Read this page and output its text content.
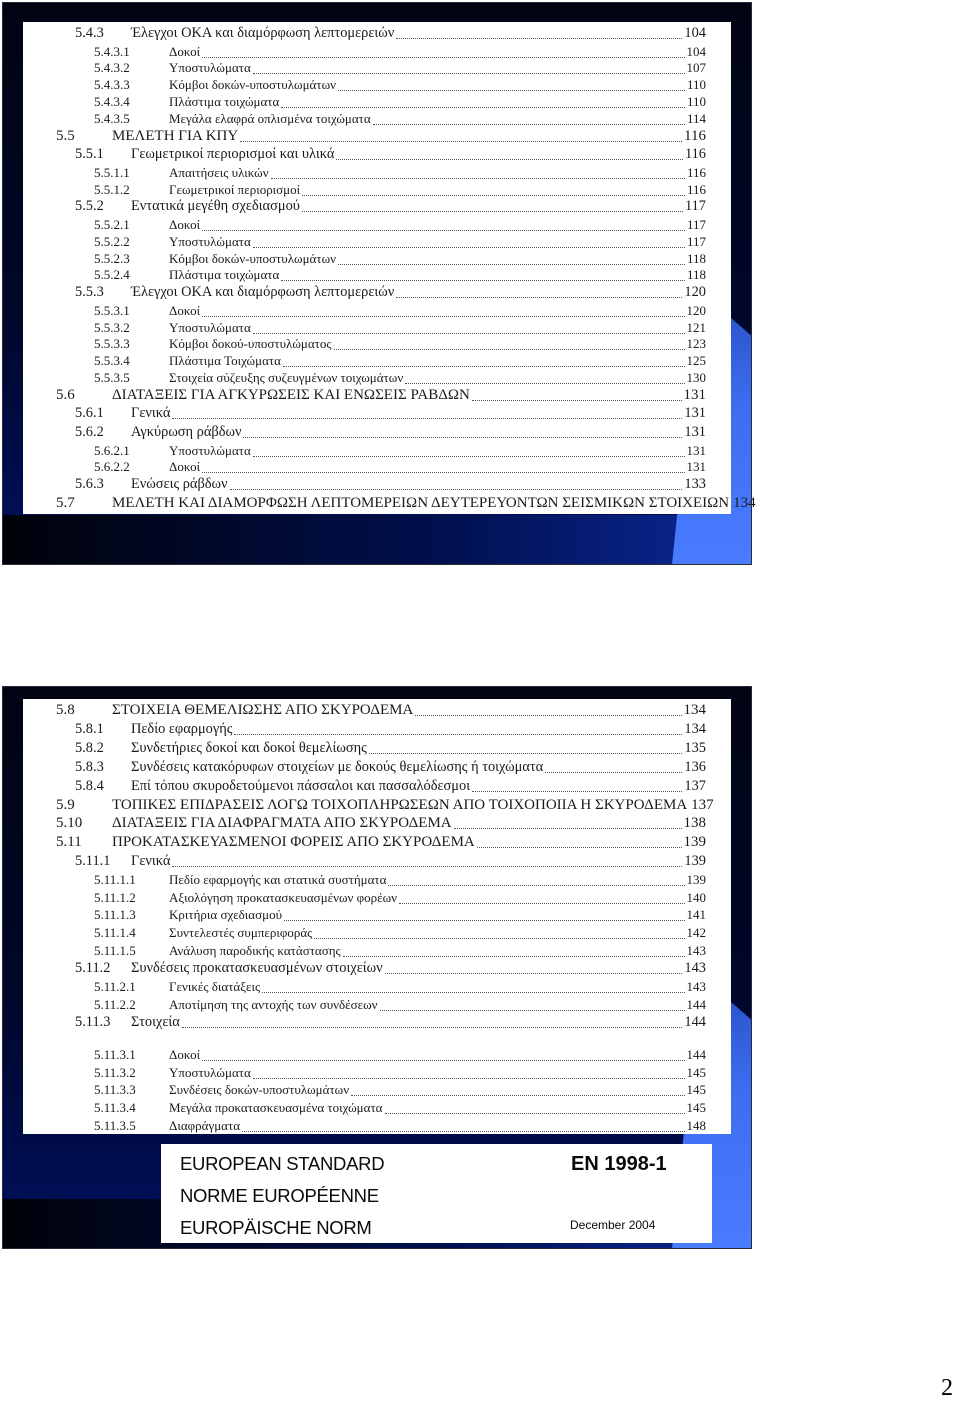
5.4.3	Έλεγχοι ΟΚΑ και διαμόρφωση λεπτομερειών	104
5.4.3.1	Δοκοί	104
5.4.3.2	Υποστυλώματα	107
5.4.3.3	Κόμβοι δοκών-υποστυλωμάτων	110
5.4.3.4	Πλάστιμα τοιχώματα	110
5.4.3.5	Μεγάλα ελαφρά οπλισμένα τοιχώματα	114
5.5	ΜΕΛΕΤΗ ΓΙΑ ΚΠΥ	116
5.5.1	Γεωμετρικοί περιορισμοί και υλικά	116
5.5.1.1	Απαιτήσεις υλικών	116
5.5.1.2	Γεωμετρικοί περιορισμοί	116
5.5.2	Εντατικά μεγέθη σχεδιασμού	117
5.5.2.1	Δοκοί	117
5.5.2.2	Υποστυλώματα	117
5.5.2.3	Κόμβοι δοκών-υποστυλωμάτων	118
5.5.2.4	Πλάστιμα τοιχώματα	118
5.5.3	Έλεγχοι ΟΚΑ και διαμόρφωση λεπτομερειών	120
5.5.3.1	Δοκοί	120
5.5.3.2	Υποστυλώματα	121
5.5.3.3	Κόμβοι δοκού-υποστυλώματος	123
5.5.3.4	Πλάστιμα Τοιχώματα	125
5.5.3.5	Στοιχεία σύζευξης συζευγμένων τοιχωμάτων	130
5.6	ΔΙΑΤΑΞΕΙΣ ΓΙΑ ΑΓΚΥΡΩΣΕΙΣ ΚΑΙ ΕΝΩΣΕΙΣ ΡΑΒΔΩΝ	131
5.6.1	Γενικά	131
5.6.2	Αγκύρωση ράβδων	131
5.6.2.1	Υποστυλώματα	131
5.6.2.2	Δοκοί	131
5.6.3	Ενώσεις ράβδων	133
5.7	ΜΕΛΕΤΗ ΚΑΙ ΔΙΑΜΟΡΦΩΣΗ ΛΕΠΤΟΜΕΡΕΙΩΝ ΔΕΥΤΕΡΕΥΟΝΤΩΝ ΣΕΙΣΜΙΚΩΝ ΣΤΟΙΧΕΙΩΝ 134
5.8	ΣΤΟΙΧΕΙΑ ΘΕΜΕΛΙΩΣΗΣ ΑΠΟ ΣΚΥΡΟΔΕΜΑ	134
5.8.1	Πεδίο εφαρμογής	134
5.8.2	Συνδετήριες δοκοί και δοκοί θεμελίωσης	135
5.8.3	Συνδέσεις κατακόρυφων στοιχείων με δοκούς θεμελίωσης ή τοιχώματα	136
5.8.4	Επί τόπου σκυροδετούμενοι πάσσαλοι και πασσαλόδεσμοι	137
5.9	ΤΟΠΙΚΕΣ ΕΠΙΔΡΑΣΕΙΣ ΛΟΓΩ ΤΟΙΧΟΠΛΗΡΩΣΕΩΝ ΑΠΟ ΤΟΙΧΟΠΟΙΙΑ Η ΣΚΥΡΟΔΕΜΑ 137
5.10	ΔΙΑΤΑΞΕΙΣ ΓΙΑ ΔΙΑΦΡΑΓΜΑΤΑ ΑΠΟ ΣΚΥΡΟΔΕΜΑ	138
5.11	ΠΡΟΚΑΤΑΣΚΕΥΑΣΜΕΝΟΙ ΦΟΡΕΙΣ ΑΠΟ ΣΚΥΡΟΔΕΜΑ	139
5.11.1	Γενικά	139
5.11.1.1	Πεδίο εφαρμογής και στατικά συστήματα	139
5.11.1.2	Αξιολόγηση προκατασκευασμένων φορέων	140
5.11.1.3	Κριτήρια σχεδιασμού	141
5.11.1.4	Συντελεστές συμπεριφοράς	142
5.11.1.5	Ανάλυση παροδικής κατάστασης	143
5.11.2	Συνδέσεις προκατασκευασμένων στοιχείων	143
5.11.2.1	Γενικές διατάξεις	143
5.11.2.2	Αποτίμηση της αντοχής των συνδέσεων	144
5.11.3	Στοιχεία	144
5.11.3.1	Δοκοί	144
5.11.3.2	Υποστυλώματα	145
5.11.3.3	Συνδέσεις δοκών-υποστυλωμάτων	145
5.11.3.4	Μεγάλα προκατασκευασμένα τοιχώματα	145
5.11.3.5	Διαφράγματα	148
EUROPEAN STANDARD
NORME EUROPÉENNE
EUROPÄISCHE NORM
EN 1998-1
December 2004
2
